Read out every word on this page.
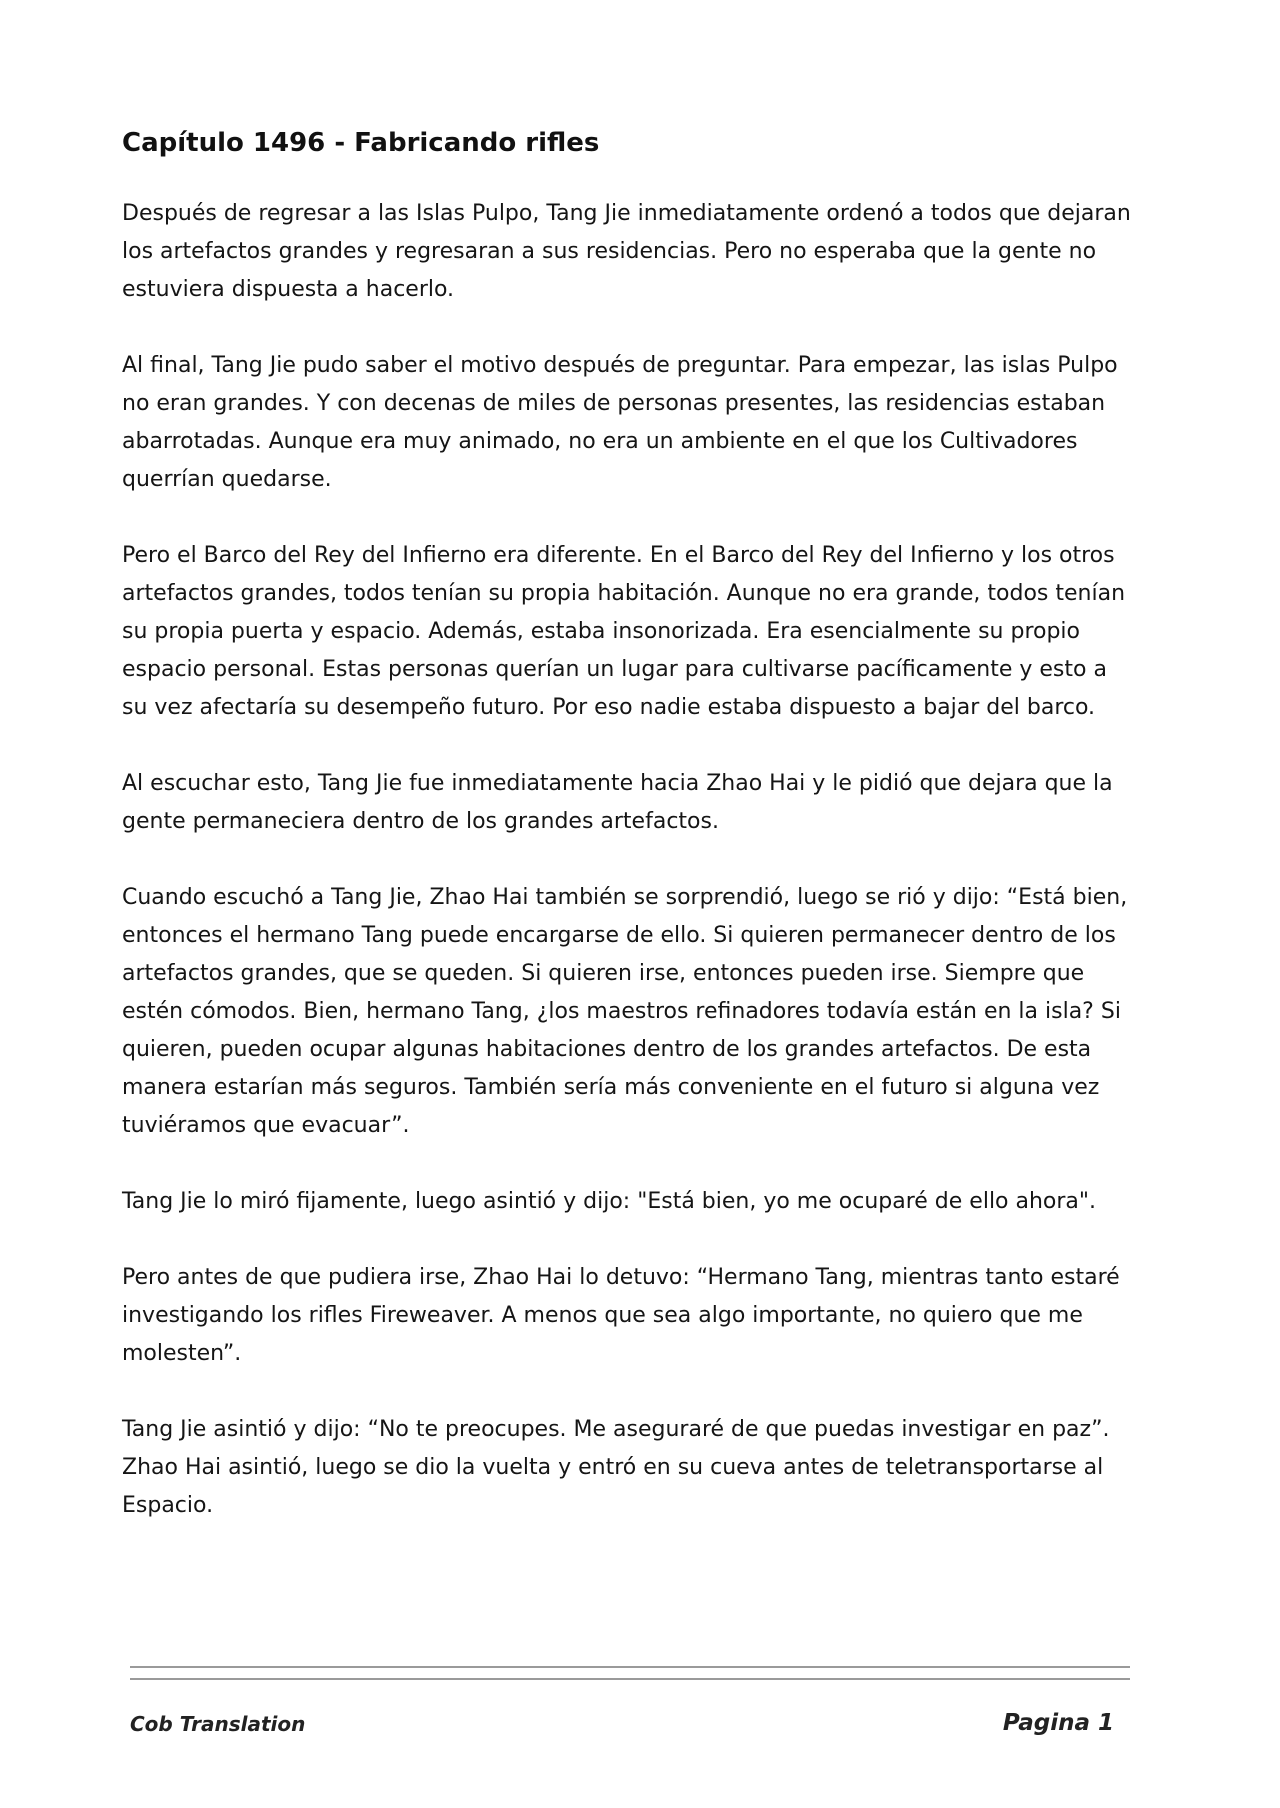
Capítulo 1496 - Fabricando rifles

Después de regresar a las Islas Pulpo, Tang Jie inmediatamente ordenó a todos que dejaran los artefactos grandes y regresaran a sus residencias. Pero no esperaba que la gente no estuviera dispuesta a hacerlo.

Al final, Tang Jie pudo saber el motivo después de preguntar. Para empezar, las islas Pulpo no eran grandes. Y con decenas de miles de personas presentes, las residencias estaban abarrotadas. Aunque era muy animado, no era un ambiente en el que los Cultivadores querrían quedarse.

Pero el Barco del Rey del Infierno era diferente. En el Barco del Rey del Infierno y los otros artefactos grandes, todos tenían su propia habitación. Aunque no era grande, todos tenían su propia puerta y espacio. Además, estaba insonorizada. Era esencialmente su propio espacio personal. Estas personas querían un lugar para cultivarse pacíficamente y esto a su vez afectaría su desempeño futuro. Por eso nadie estaba dispuesto a bajar del barco.

Al escuchar esto, Tang Jie fue inmediatamente hacia Zhao Hai y le pidió que dejara que la gente permaneciera dentro de los grandes artefactos.

Cuando escuchó a Tang Jie, Zhao Hai también se sorprendió, luego se rió y dijo: “Está bien, entonces el hermano Tang puede encargarse de ello. Si quieren permanecer dentro de los artefactos grandes, que se queden. Si quieren irse, entonces pueden irse. Siempre que estén cómodos. Bien, hermano Tang, ¿los maestros refinadores todavía están en la isla? Si quieren, pueden ocupar algunas habitaciones dentro de los grandes artefactos. De esta manera estarían más seguros. También sería más conveniente en el futuro si alguna vez tuviéramos que evacuar”.

Tang Jie lo miró fijamente, luego asintió y dijo: "Está bien, yo me ocuparé de ello ahora".

Pero antes de que pudiera irse, Zhao Hai lo detuvo: “Hermano Tang, mientras tanto estaré investigando los rifles Fireweaver. A menos que sea algo importante, no quiero que me molesten”.

Tang Jie asintió y dijo: “No te preocupes. Me aseguraré de que puedas investigar en paz”. Zhao Hai asintió, luego se dio la vuelta y entró en su cueva antes de teletransportarse al Espacio.

Cob Translation	Pagina 1
